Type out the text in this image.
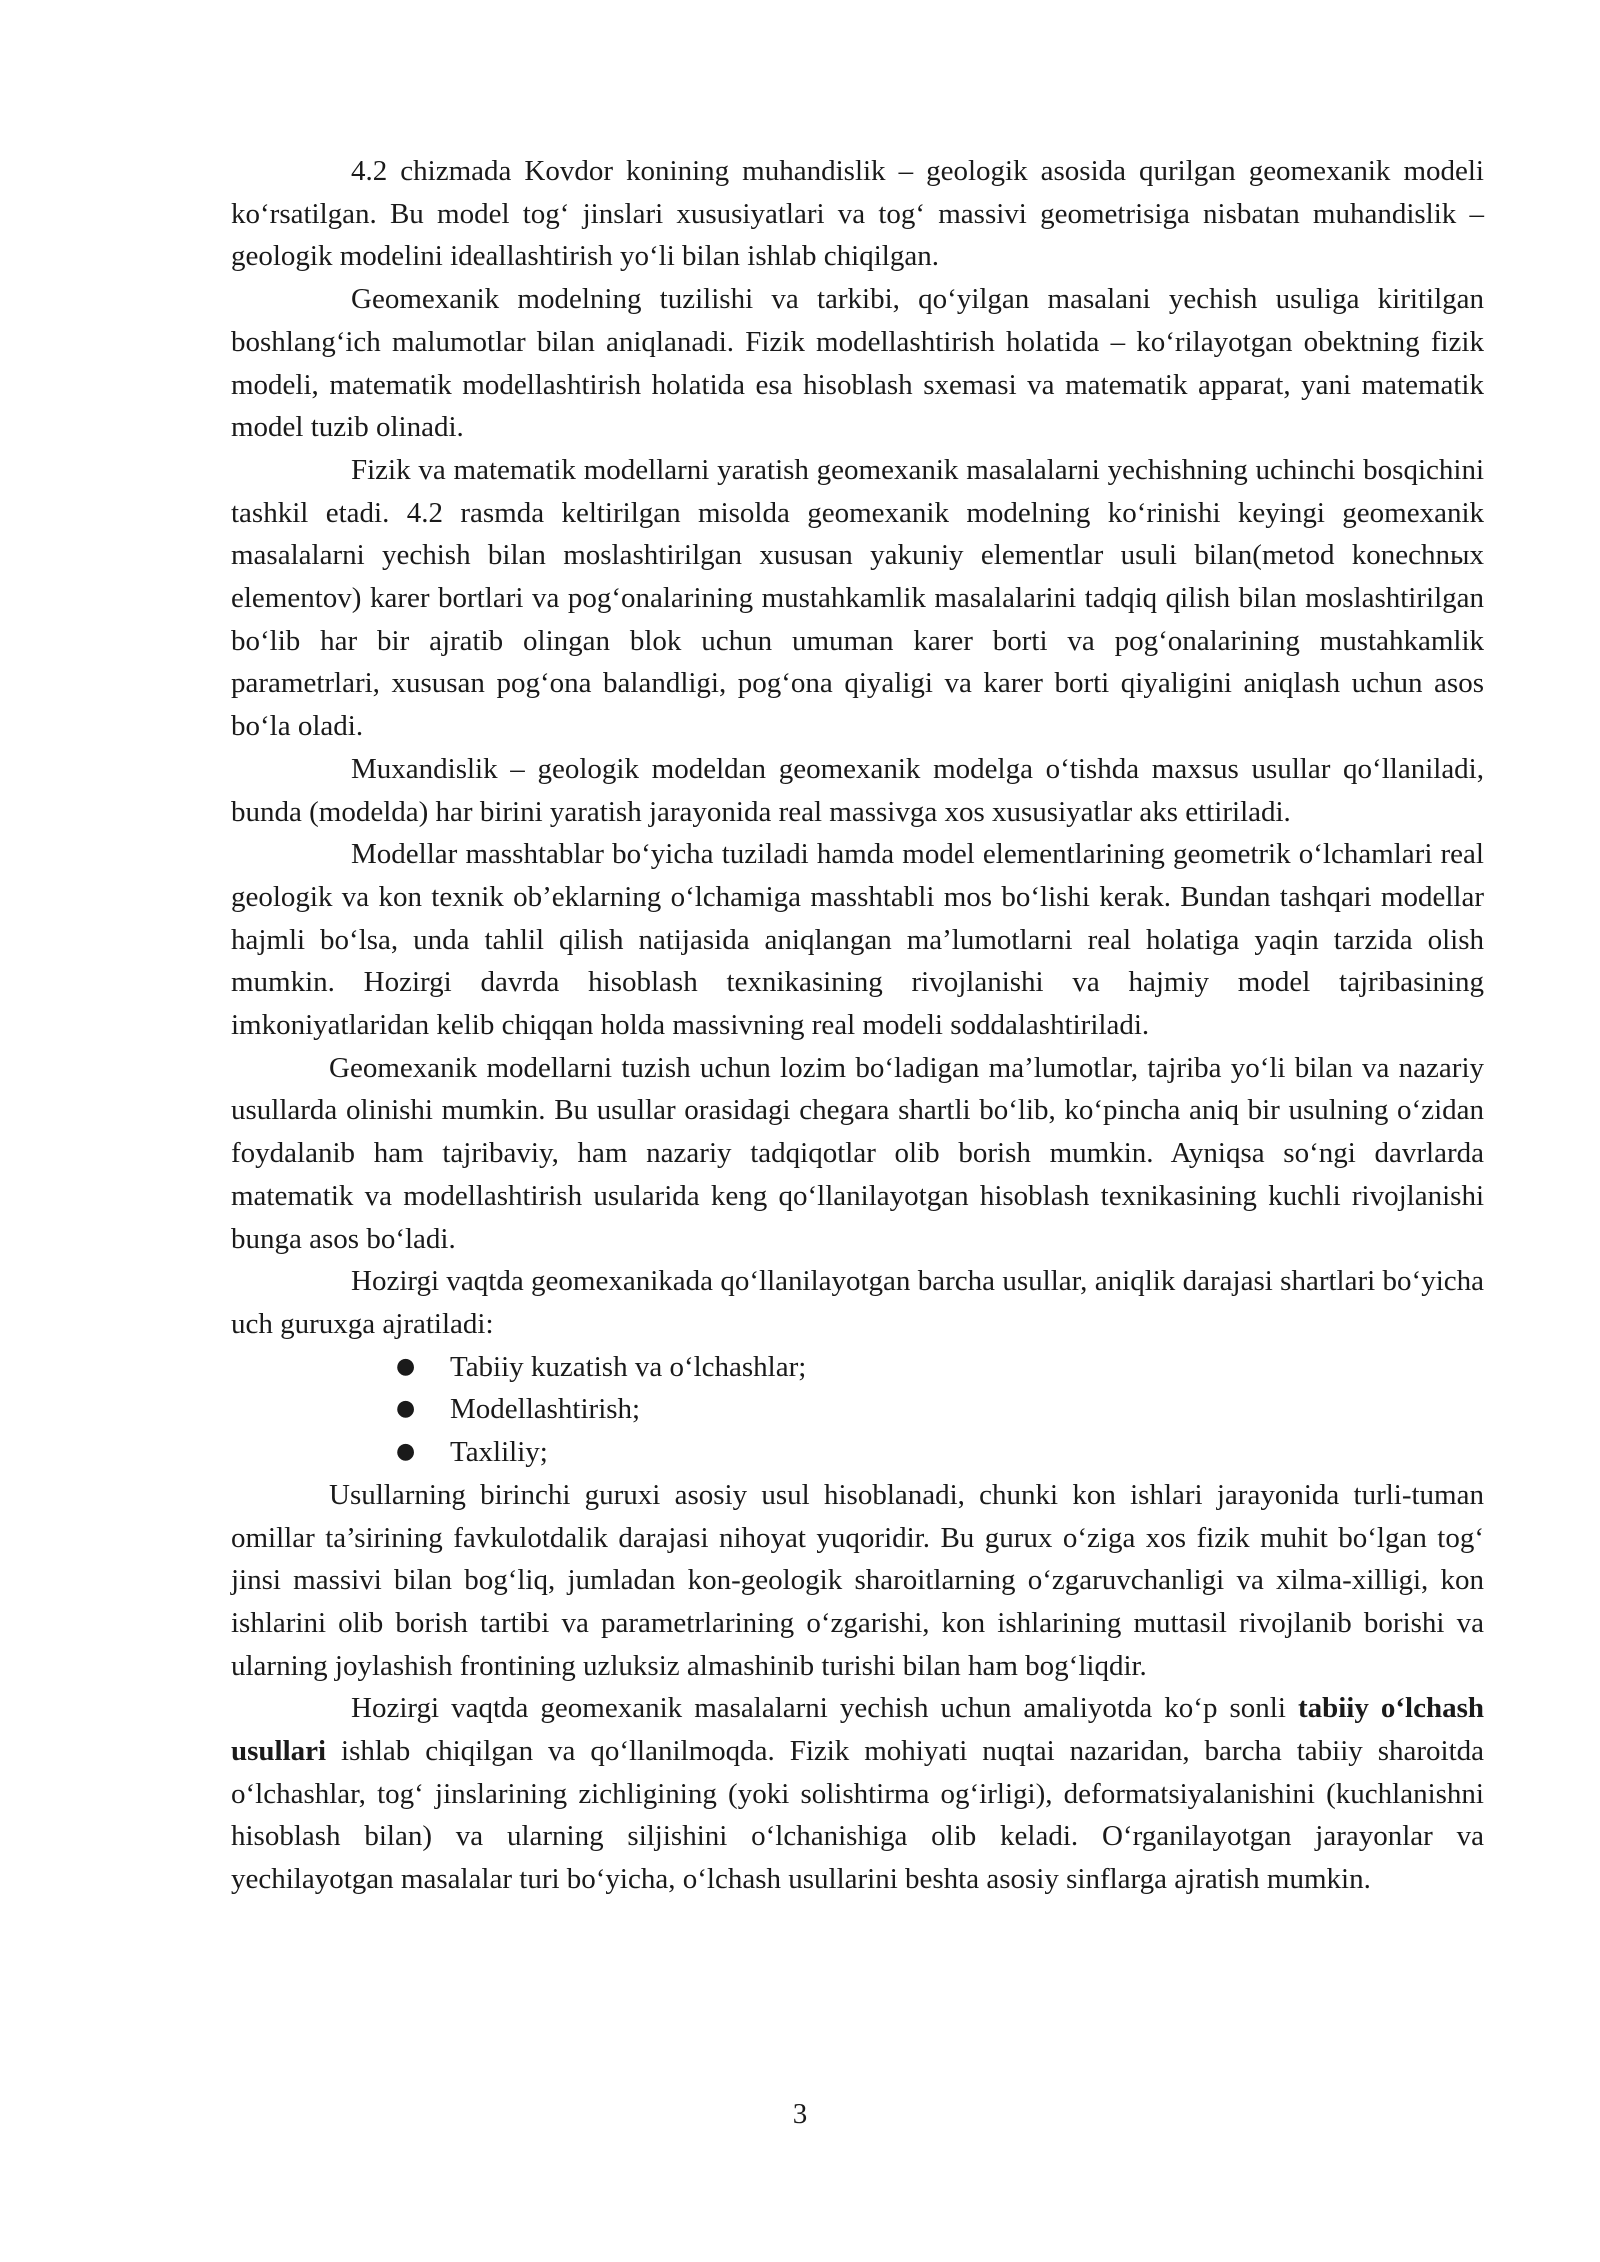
4.2 chizmada Kovdor konining muhandislik – geologik asosida qurilgan geomexanik modeli ko‘rsatilgan. Bu model tog‘ jinslari xususiyatlari va tog‘ massivi geometrisiga nisbatan muhandislik – geologik modelini ideallashtirish yo‘li bilan ishlab chiqilgan.

Geomexanik modelning tuzilishi va tarkibi, qo‘yilgan masalani yechish usuliga kiritilgan boshlang‘ich malumotlar bilan aniqlanadi. Fizik modellashtirish holatida – ko‘rilayotgan obektning fizik modeli, matematik modellashtirish holatida esa hisoblash sxemasi va matematik apparat, yani matematik model tuzib olinadi.

Fizik va matematik modellarni yaratish geomexanik masalalarni yechishning uchinchi bosqichini tashkil etadi. 4.2 rasmda keltirilgan misolda geomexanik modelning ko‘rinishi keyingi geomexanik masalalarni yechish bilan moslashtirilgan xususan yakuniy elementlar usuli bilan(metod konechnыx elementov) karer bortlari va pog‘onalarining mustahkamlik masalalarini tadqiq qilish bilan moslashtirilgan bo‘lib har bir ajratib olingan blok uchun umuman karer borti va pog‘onalarining mustahkamlik parametrlari, xususan pog‘ona balandligi, pog‘ona qiyaligi va karer borti qiyaligini aniqlash uchun asos bo‘la oladi.

Muxandislik – geologik modeldan geomexanik modelga o‘tishda maxsus usullar qo‘llaniladi, bunda (modelda) har birini yaratish jarayonida real massivga xos xususiyatlar aks ettiriladi.

Modellar masshtablar bo‘yicha tuziladi hamda model elementlarining geometrik o‘lchamlari real geologik va kon texnik ob’eklarning o‘lchamiga masshtabli mos bo‘lishi kerak. Bundan tashqari modellar hajmli bo‘lsa, unda tahlil qilish natijasida aniqlangan ma’lumotlarni real holatiga yaqin tarzida olish mumkin. Hozirgi davrda hisoblash texnikasining rivojlanishi va hajmiy model tajribasining imkoniyatlaridan kelib chiqqan holda massivning real modeli soddalashtiriladi.

Geomexanik modellarni tuzish uchun lozim bo‘ladigan ma’lumotlar, tajriba yo‘li bilan va nazariy usullarda olinishi mumkin. Bu usullar orasidagi chegara shartli bo‘lib, ko‘pincha aniq bir usulning o‘zidan foydalanib ham tajribaviy, ham nazariy tadqiqotlar olib borish mumkin. Ayniqsa so‘ngi davrlarda matematik va modellashtirish usularida keng qo‘llanilayotgan hisoblash texnikasining kuchli rivojlanishi bunga asos bo‘ladi.

Hozirgi vaqtda geomexanikada qo‘llanilayotgan barcha usullar, aniqlik darajasi shartlari bo‘yicha uch guruxga ajratiladi:

● Tabiiy kuzatish va o‘lchashlar;
● Modellashtirish;
● Taxliliy;

Usullarning birinchi guruxi asosiy usul hisoblanadi, chunki kon ishlari jarayonida turli-tuman omillar ta’sirining favkulotdalik darajasi nihoyat yuqoridir. Bu gurux o‘ziga xos fizik muhit bo‘lgan tog‘ jinsi massivi bilan bog‘liq, jumladan kon-geologik sharoitlarning o‘zgaruvchanligi va xilma-xilligi, kon ishlarini olib borish tartibi va parametrlarining o‘zgarishi, kon ishlarining muttasil rivojlanib borishi va ularning joylashish frontining uzluksiz almashinib turishi bilan ham bog‘liqdir.

Hozirgi vaqtda geomexanik masalalarni yechish uchun amaliyotda ko‘p sonli tabiiy o‘lchash usullari ishlab chiqilgan va qo‘llanilmoqda. Fizik mohiyati nuqtai nazaridan, barcha tabiiy sharoitda o‘lchashlar, tog‘ jinslarining zichligining (yoki solishtirma og‘irligi), deformatsiyalanishini (kuchlanishni hisoblash bilan) va ularning siljishini o‘lchanishiga olib keladi. O‘rganilayotgan jarayonlar va yechilayotgan masalalar turi bo‘yicha, o‘lchash usullarini beshta asosiy sinflarga ajratish mumkin.

3
